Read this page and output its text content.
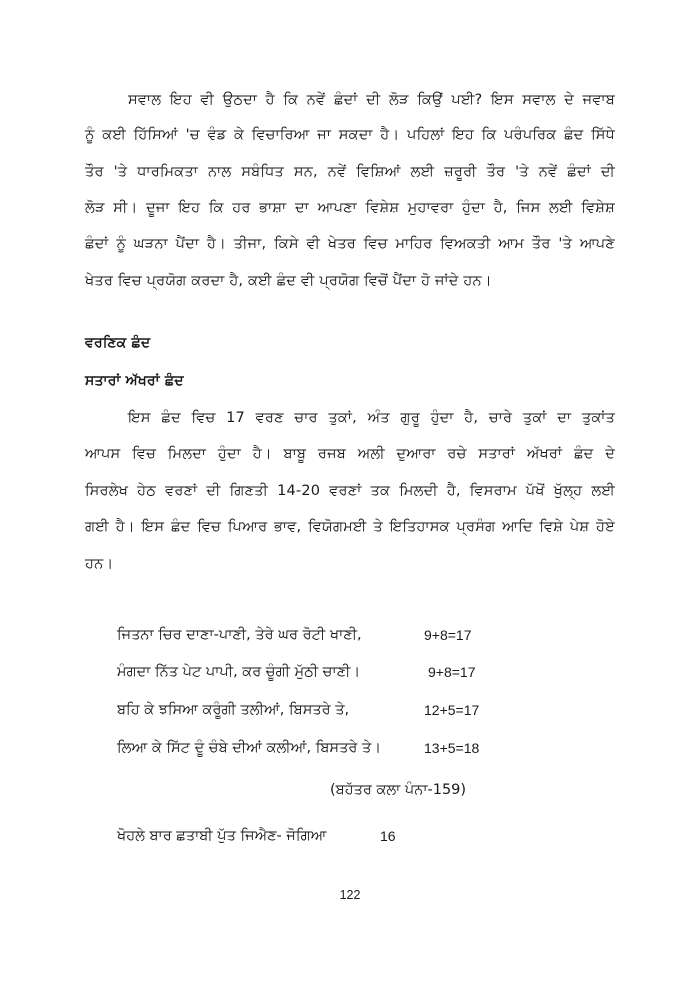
ਸਵਾਲ ਇਹ ਵੀ ਉਠਦਾ ਹੈ ਕਿ ਨਵੇਂ ਛੰਦਾਂ ਦੀ ਲੋੜ ਕਿਉਂ ਪਈ? ਇਸ ਸਵਾਲ ਦੇ ਜਵਾਬ
ਨੂੰ ਕਈ ਹਿੱਸਿਆਂ 'ਚ ਵੰਡ ਕੇ ਵਿਚਾਰਿਆ ਜਾ ਸਕਦਾ ਹੈ। ਪਹਿਲਾਂ ਇਹ ਕਿ ਪਰੰਪਰਿਕ ਛੰਦ ਸਿੱਧੇ
ਤੌਰ 'ਤੇ ਧਾਰਮਿਕਤਾ ਨਾਲ ਸਬੰਧਿਤ ਸਨ, ਨਵੇਂ ਵਿਸ਼ਿਆਂ ਲਈ ਜ਼ਰੂਰੀ ਤੌਰ 'ਤੇ ਨਵੇਂ ਛੰਦਾਂ ਦੀ
ਲੋੜ ਸੀ। ਦੂਜਾ ਇਹ ਕਿ ਹਰ ਭਾਸ਼ਾ ਦਾ ਆਪਣਾ ਵਿਸ਼ੇਸ਼ ਮੁਹਾਵਰਾ ਹੁੰਦਾ ਹੈ, ਜਿਸ ਲਈ ਵਿਸ਼ੇਸ਼
ਛੰਦਾਂ ਨੂੰ ਘੜਨਾ ਪੈਂਦਾ ਹੈ। ਤੀਜਾ, ਕਿਸੇ ਵੀ ਖੇਤਰ ਵਿਚ ਮਾਹਿਰ ਵਿਅਕਤੀ ਆਮ ਤੌਰ 'ਤੇ ਆਪਣੇ
ਖੇਤਰ ਵਿਚ ਪ੍ਰਯੋਗ ਕਰਦਾ ਹੈ, ਕਈ ਛੰਦ ਵੀ ਪ੍ਰਯੋਗ ਵਿਚੋਂ ਪੈਂਦਾ ਹੋ ਜਾਂਦੇ ਹਨ।
ਵਰਣਿਕ ਛੰਦ
ਸਤਾਰਾਂ ਅੱਖਰਾਂ ਛੰਦ
ਇਸ ਛੰਦ ਵਿਚ 17 ਵਰਣ ਚਾਰ ਤੁਕਾਂ, ਅੰਤ ਗੁਰੂ ਹੁੰਦਾ ਹੈ, ਚਾਰੇ ਤੁਕਾਂ ਦਾ ਤੁਕਾਂਤ
ਆਪਸ ਵਿਚ ਮਿਲਦਾ ਹੁੰਦਾ ਹੈ। ਬਾਬੂ ਰਜਬ ਅਲੀ ਦੁਆਰਾ ਰਚੇ ਸਤਾਰਾਂ ਅੱਖਰਾਂ ਛੰਦ ਦੇ
ਸਿਰਲੇਖ ਹੇਠ ਵਰਣਾਂ ਦੀ ਗਿਣਤੀ 14-20 ਵਰਣਾਂ ਤਕ ਮਿਲਦੀ ਹੈ, ਵਿਸਰਾਮ ਪੱਖੋਂ ਖੁੱਲ੍ਹ ਲਈ
ਗਈ ਹੈ। ਇਸ ਛੰਦ ਵਿਚ ਪਿਆਰ ਭਾਵ, ਵਿਯੋਗਮਈ ਤੇ ਇਤਿਹਾਸਕ ਪ੍ਰਸੰਗ ਆਦਿ ਵਿਸ਼ੇ ਪੇਸ਼ ਹੋਏ
ਹਨ।
ਜਿਤਨਾ ਚਿਰ ਦਾਣਾ-ਪਾਣੀ, ਤੇਰੇ ਘਰ ਰੋਟੀ ਖਾਣੀ,	9+8=17
ਮੰਗਦਾ ਨਿੱਤ ਪੇਟ ਪਾਪੀ, ਕਰ ਚੂੰਗੀ ਮੁੱਠੀ ਚਾਣੀ।	9+8=17
ਬਹਿ ਕੇ ਝਸਿਆ ਕਰੂੰਗੀ ਤਲੀਆਂ, ਬਿਸਤਰੇ ਤੇ,	12+5=17
ਲਿਆ ਕੇ ਸਿੱਟ ਦੂੰ ਚੰਬੇ ਦੀਆਂ ਕਲੀਆਂ, ਬਿਸਤਰੇ ਤੇ।	13+5=18
(ਬਹੱਤਰ ਕਲਾ ਪੰਨਾ-159)
ਖੋਹਲੇ ਬਾਰ ਛਤਾਬੀ ਪੁੱਤ ਜਿਐਣ- ਜੋਗਿਆ	16
122
